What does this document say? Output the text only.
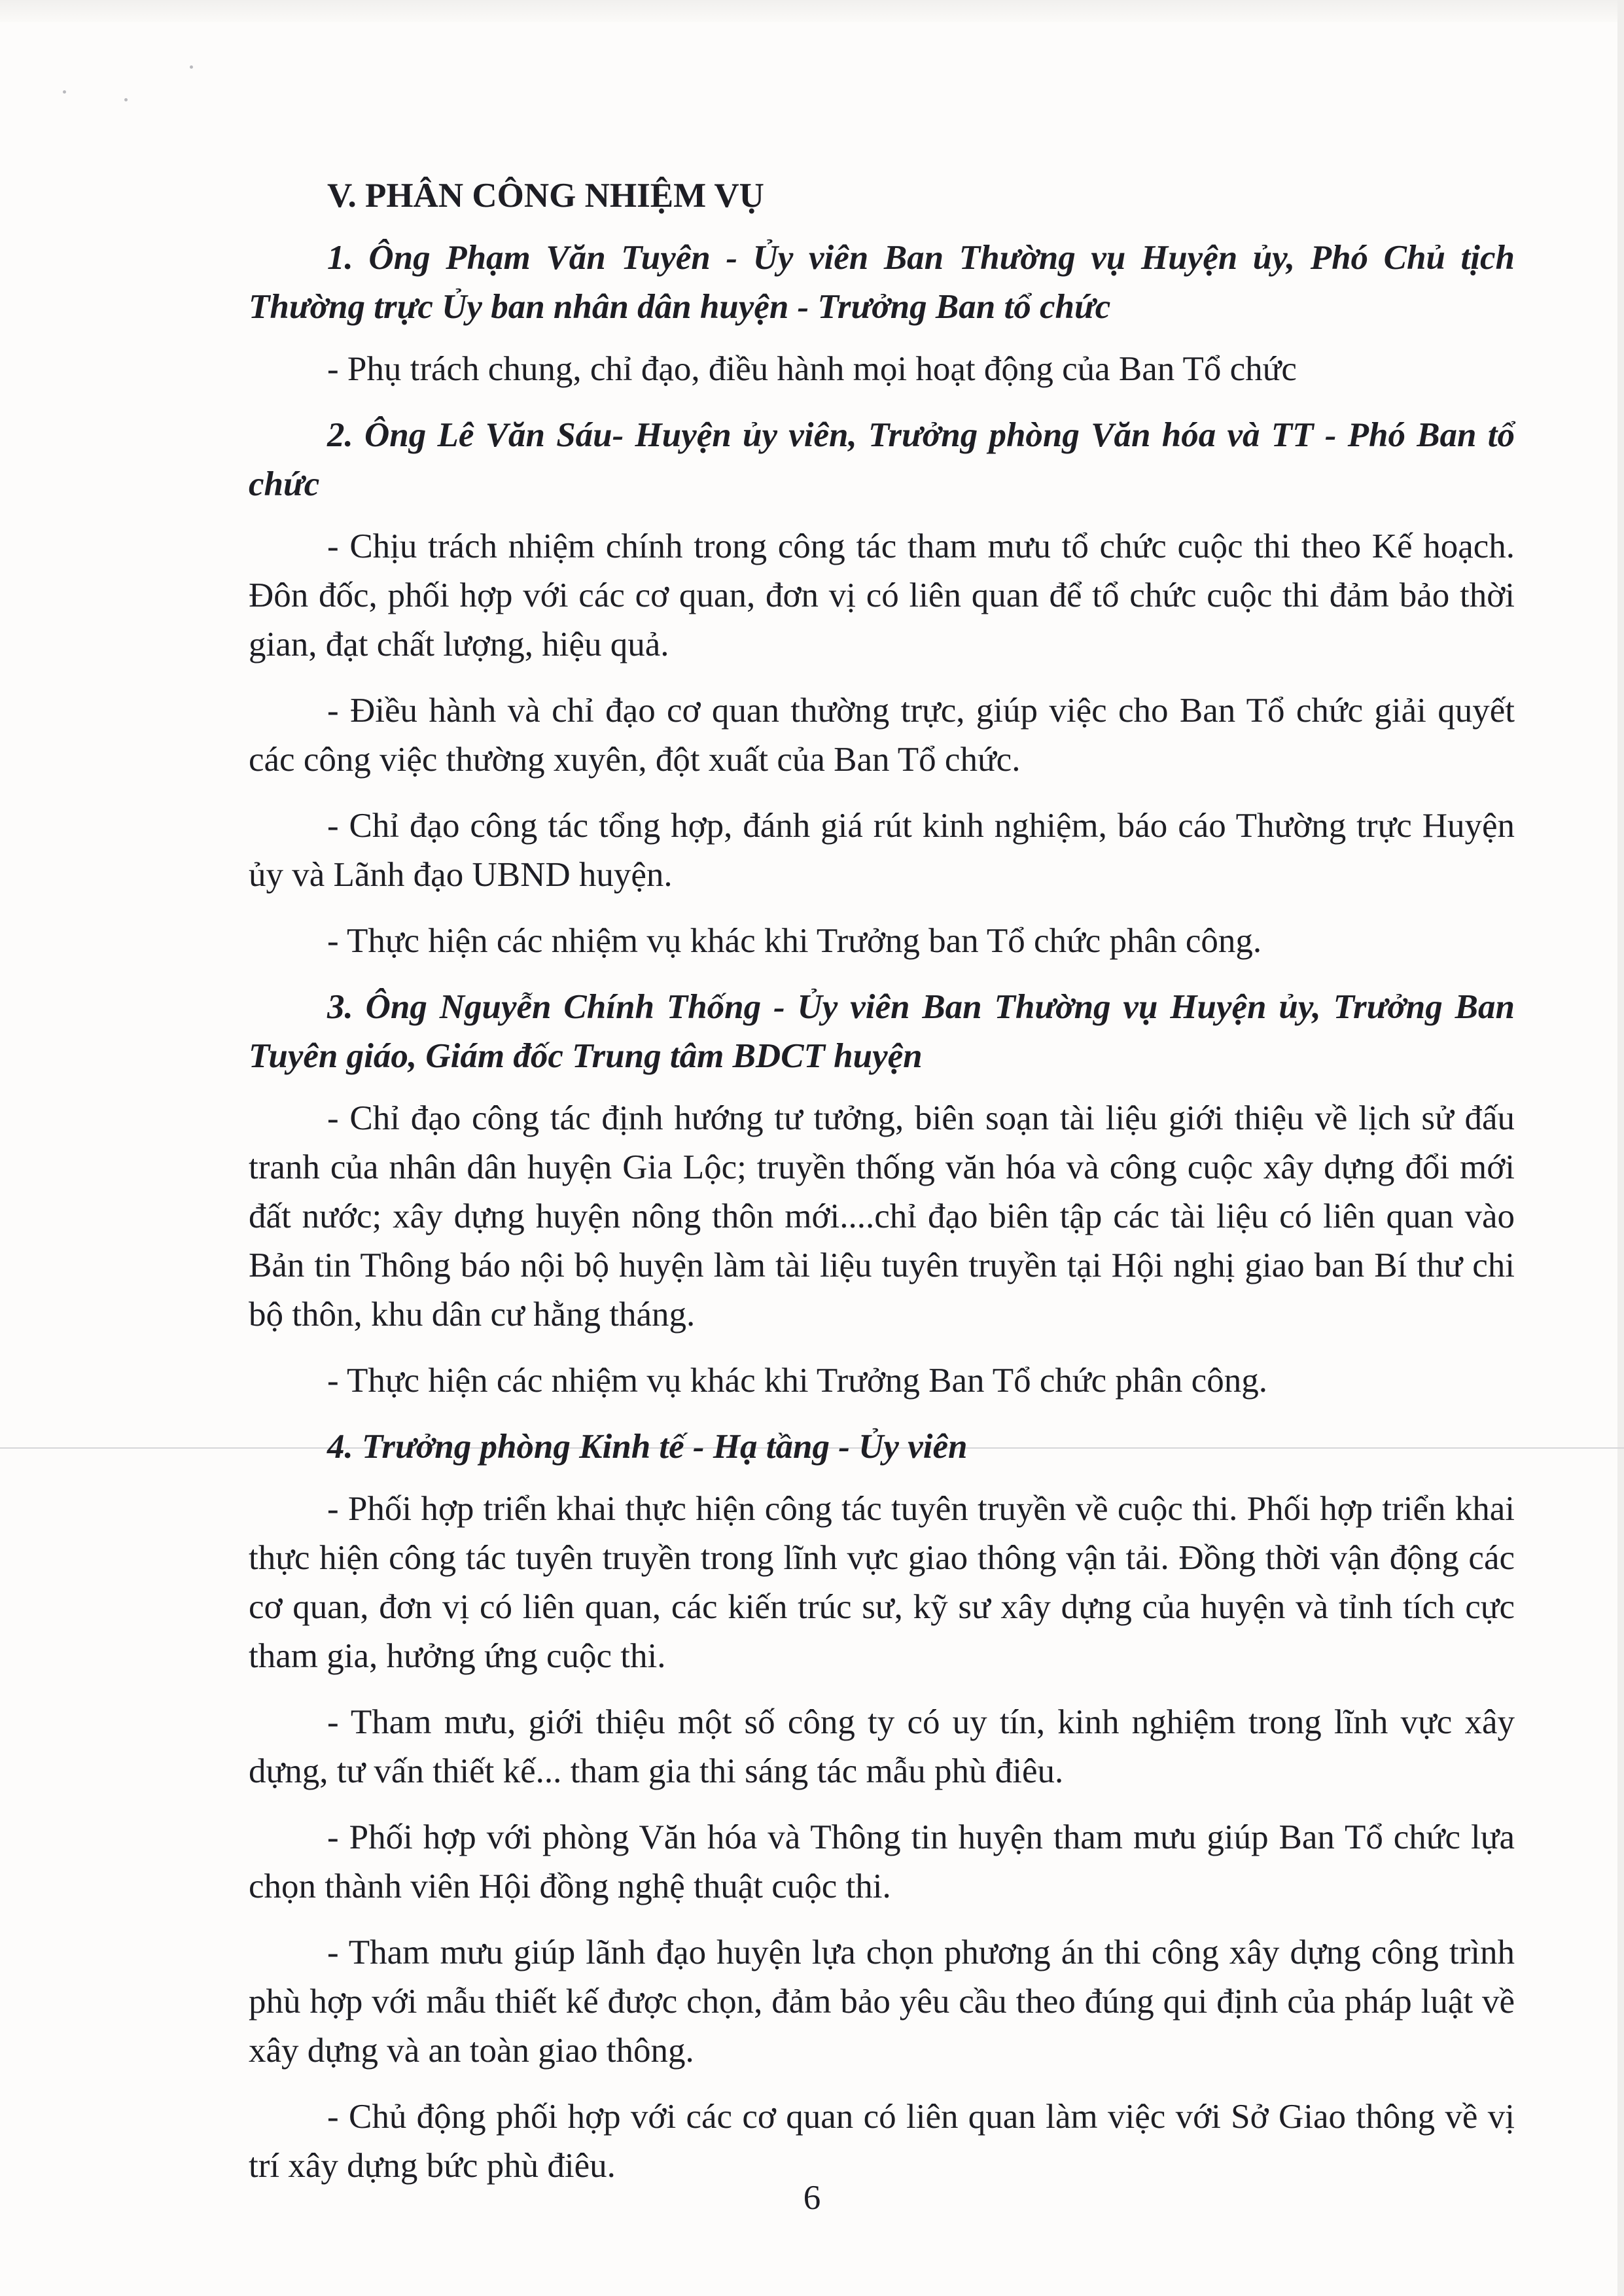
V. PHÂN CÔNG NHIỆM VỤ

1. Ông Phạm Văn Tuyên - Ủy viên Ban Thường vụ Huyện ủy, Phó Chủ tịch Thường trực Ủy ban nhân dân huyện - Trưởng Ban tổ chức

- Phụ trách chung, chỉ đạo, điều hành mọi hoạt động của Ban Tổ chức

2. Ông Lê Văn Sáu- Huyện ủy viên, Trưởng phòng Văn hóa và TT - Phó Ban tổ chức

- Chịu trách nhiệm chính trong công tác tham mưu tổ chức cuộc thi theo Kế hoạch. Đôn đốc, phối hợp với các cơ quan, đơn vị có liên quan để tổ chức cuộc thi đảm bảo thời gian, đạt chất lượng, hiệu quả.

- Điều hành và chỉ đạo cơ quan thường trực, giúp việc cho Ban Tổ chức giải quyết các công việc thường xuyên, đột xuất của Ban Tổ chức.

- Chỉ đạo công tác tổng hợp, đánh giá rút kinh nghiệm, báo cáo Thường trực Huyện ủy và Lãnh đạo UBND huyện.

- Thực hiện các nhiệm vụ khác khi Trưởng ban Tổ chức phân công.

3. Ông Nguyễn Chính Thống - Ủy viên Ban Thường vụ Huyện ủy, Trưởng Ban Tuyên giáo, Giám đốc Trung tâm BDCT huyện

- Chỉ đạo công tác định hướng tư tưởng, biên soạn tài liệu giới thiệu về lịch sử đấu tranh của nhân dân huyện Gia Lộc; truyền thống văn hóa và công cuộc xây dựng đổi mới đất nước; xây dựng huyện nông thôn mới....chỉ đạo biên tập các tài liệu có liên quan vào Bản tin Thông báo nội bộ huyện làm tài liệu tuyên truyền tại Hội nghị giao ban Bí thư chi bộ thôn, khu dân cư hằng tháng.

- Thực hiện các nhiệm vụ khác khi Trưởng Ban Tổ chức phân công.

4. Trưởng phòng Kinh tế - Hạ tầng - Ủy viên

- Phối hợp triển khai thực hiện công tác tuyên truyền về cuộc thi. Phối hợp triển khai thực hiện công tác tuyên truyền trong lĩnh vực giao thông vận tải. Đồng thời vận động các cơ quan, đơn vị có liên quan, các kiến trúc sư, kỹ sư xây dựng của huyện và tỉnh tích cực tham gia, hưởng ứng cuộc thi.

- Tham mưu, giới thiệu một số công ty có uy tín, kinh nghiệm trong lĩnh vực xây dựng, tư vấn thiết kế... tham gia thi sáng tác mẫu phù điêu.

- Phối hợp với phòng Văn hóa và Thông tin huyện tham mưu giúp Ban Tổ chức lựa chọn thành viên Hội đồng nghệ thuật cuộc thi.

- Tham mưu giúp lãnh đạo huyện lựa chọn phương án thi công xây dựng công trình phù hợp với mẫu thiết kế được chọn, đảm bảo yêu cầu theo đúng qui định của pháp luật về xây dựng và an toàn giao thông.

- Chủ động phối hợp với các cơ quan có liên quan làm việc với Sở Giao thông về vị trí xây dựng bức phù điêu.

6
